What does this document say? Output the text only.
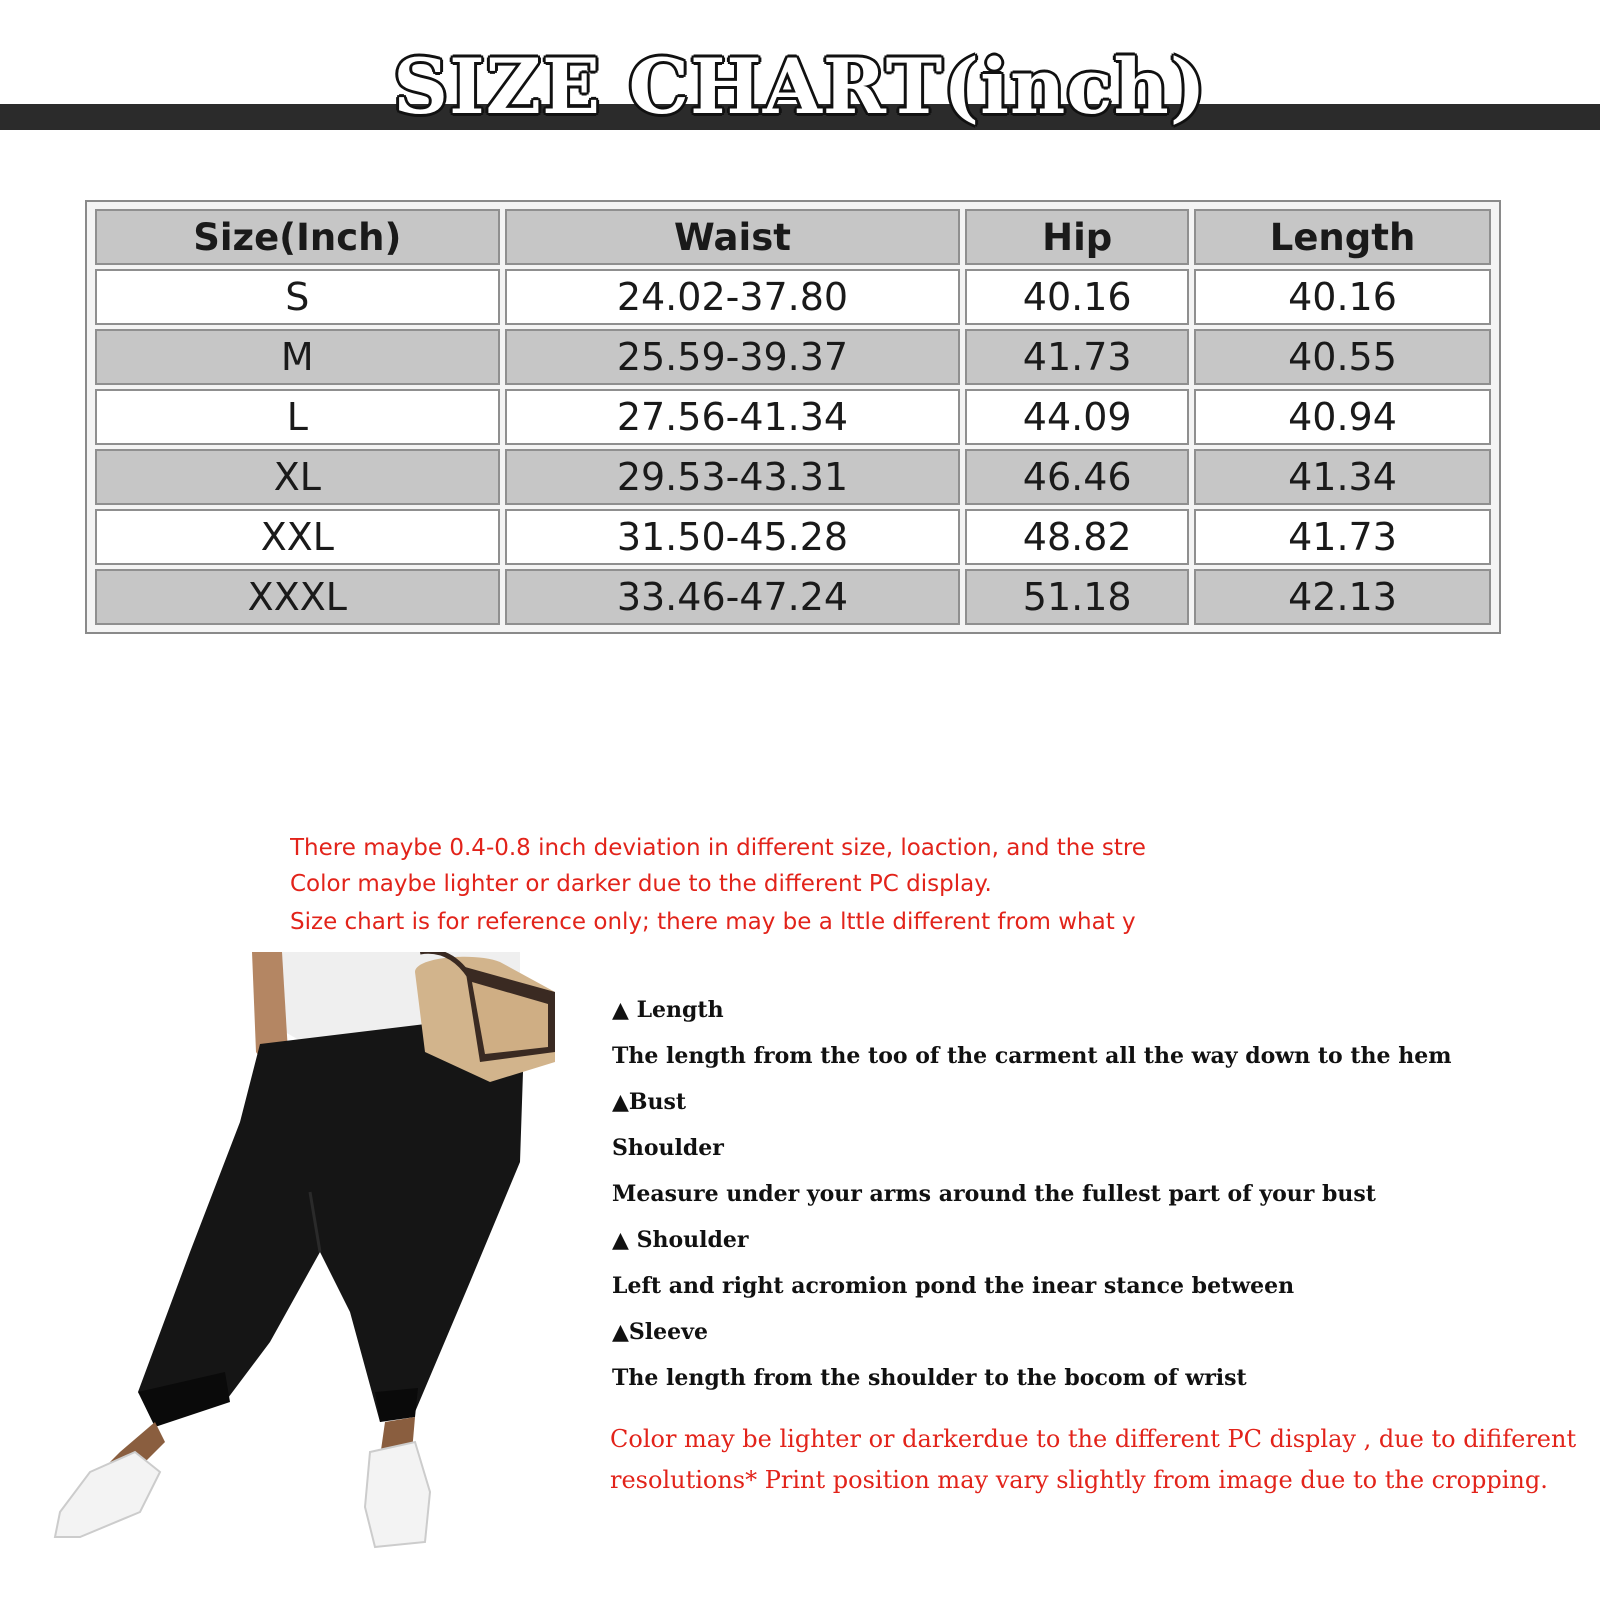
SIZE CHART(inch)
Size(Inch)	Waist	Hip	Length
S	24.02-37.80	40.16	40.16
M	25.59-39.37	41.73	40.55
L	27.56-41.34	44.09	40.94
XL	29.53-43.31	46.46	41.34
XXL	31.50-45.28	48.82	41.73
XXXL	33.46-47.24	51.18	42.13
There maybe 0.4-0.8 inch deviation in different size, loaction, and the stre
Color maybe lighter or darker due to the different PC display.
Size chart is for reference only; there may be a lttle different from what y
▲ Length
The length from the too of the carment all the way down to the hem
▲Bust
Shoulder
Measure under your arms around the fullest part of your bust
▲ Shoulder
Left and right acromion pond the inear stance between
▲Sleeve
The length from the shoulder to the bocom of wrist
Color may be lighter or darkerdue to the different PC display , due to dififerent
resolutions* Print position may vary slightly from image due to the cropping.
